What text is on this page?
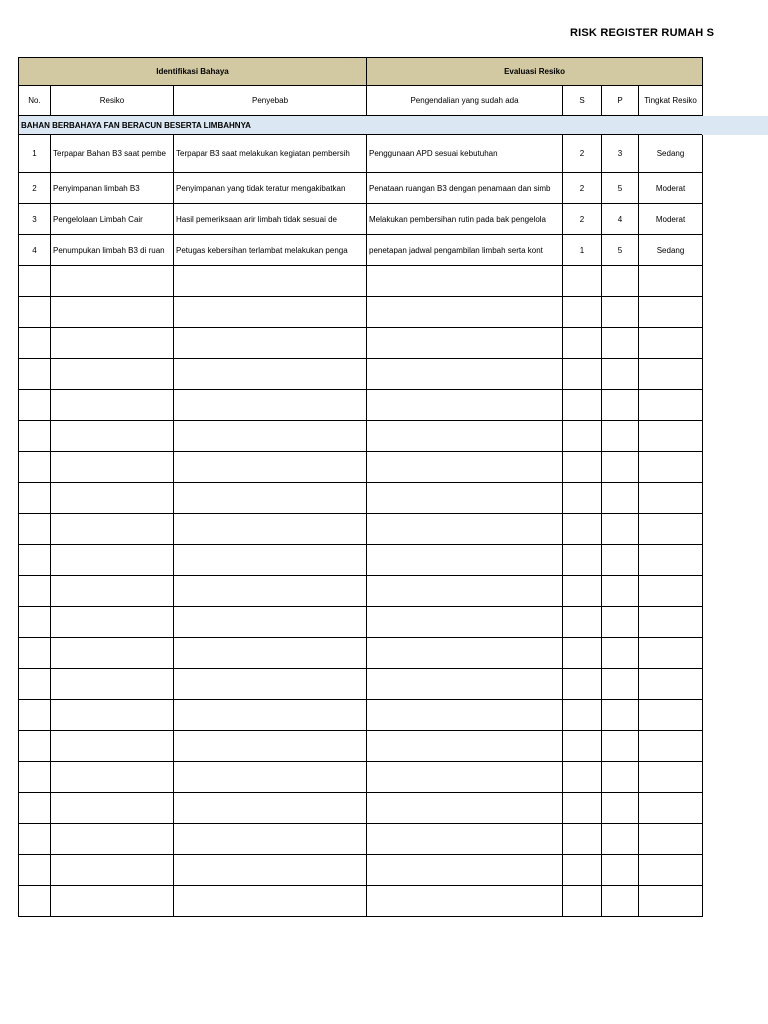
RISK REGISTER RUMAH S
Identifikasi Bahaya			Evaluasi Resiko			
No.	Resiko	Penyebab	Pengendalian yang sudah ada	S	P	Tingkat Resiko
BAHAN BERBAHAYA FAN BERACUN BESERTA LIMBAHNYA						
1	Terpapar Bahan B3 saat pembe	Terpapar B3 saat melakukan kegiatan pembersih	Penggunaan APD sesuai kebutuhan	2	3	Sedang
2	Penyimpanan limbah B3	Penyimpanan yang tidak teratur mengakibatkan	Penataan ruangan B3 dengan penamaan dan simb	2	5	Moderat
3	Pengelolaan Limbah Cair	Hasil pemeriksaan arir limbah tidak sesuai de	Melakukan pembersihan rutin pada bak pengelola	2	4	Moderat
4	Penumpukan limbah B3 di ruan	Petugas kebersihan terlambat melakukan penga	penetapan jadwal pengambilan limbah serta kont	1	5	Sedang
